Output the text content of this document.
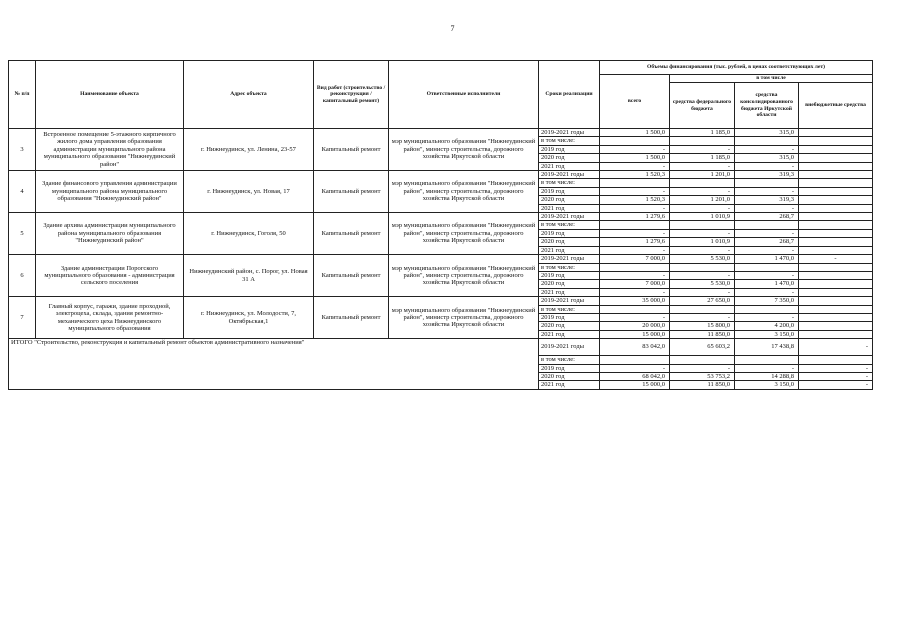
7
№ п/п	Наименование объекта	Адрес объекта	Вид работ (строительство /реконструкция /капитальный ремонт)	Ответственные исполнители	Сроки реализации	Объемы финансирования (тыс. рублей, в ценах соответствующих лет)			
						всего	в том числе		
							средства федерального бюджета	средства консолидированного бюджета Иркутской области	внебюджетные средства
3	Встроенное помещение 5-этажного кирпичного жилого дома управления образования администрации муниципального района муниципального образования "Нижнеудинский район"	г. Нижнеудинск, ул. Ленина, 23-57	Капитальный ремонт	мэр муниципального образования "Нижнеудинский район", министр строительства, дорожного хозяйства Иркутской области	2019-2021 годы	1 500,0	1 185,0	315,0	
					в том числе:				
					2019 год	-	-	-	
					2020 год	1 500,0	1 185,0	315,0	
					2021 год	-	-	-	
4	Здание финансового управления администрации муниципального района муниципального образования "Нижнеудинский район"	г. Нижнеудинск, ул. Новая, 17	Капитальный ремонт	мэр муниципального образования "Нижнеудинский район", министр строительства, дорожного хозяйства Иркутской области	2019-2021 годы	1 520,3	1 201,0	319,3	
					в том числе:				
					2019 год	-	-	-	
					2020 год	1 520,3	1 201,0	319,3	
					2021 год	-	-	-	
5	Здание архива администрации муниципального района муниципального образования "Нижнеудинский район"	г. Нижнеудинск, Гоголя, 50	Капитальный ремонт	мэр муниципального образования "Нижнеудинский район", министр строительства, дорожного хозяйства Иркутской области	2019-2021 годы	1 279,6	1 010,9	268,7	
					в том числе:				
					2019 год	-	-	-	
					2020 год	1 279,6	1 010,9	268,7	
					2021 год	-	-	-	
6	Здание администрации Порогского муниципального образования - администрация сельского поселения	Нижнеудинский район, с. Порог, ул. Новая 31 А	Капитальный ремонт	мэр муниципального образования "Нижнеудинский район", министр строительства, дорожного хозяйства Иркутской области	2019-2021 годы	7 000,0	5 530,0	1 470,0	-
					в том числе:				
					2019 год	-	-	-	
					2020 год	7 000,0	5 530,0	1 470,0	
					2021 год	-	-	-	
7	Главный корпус, гаражи, здание проходной, электроцеха, склада, здания ремонтно-механического цеха Нижнеудинского муниципального образования	г. Нижнеудинск, ул. Молодости, 7, Октябрьская,1	Капитальный ремонт	мэр муниципального образования "Нижнеудинский район", министр строительства, дорожного хозяйства Иркутской области	2019-2021 годы	35 000,0	27 650,0	7 350,0	
					в том числе:				
					2019 год	-	-	-	
					2020 год	20 000,0	15 800,0	4 200,0	
					2021 год	15 000,0	11 850,0	3 150,0	
ИТОГО "Строительство, реконструкция и капитальный ремонт объектов административного назначения"					2019-2021 годы	83 042,0	65 603,2	17 438,8	-
					в том числе:				
					2019 год	-	-	-	-
					2020 год	68 042,0	53 753,2	14 288,8	-
					2021 год	15 000,0	11 850,0	3 150,0	-
